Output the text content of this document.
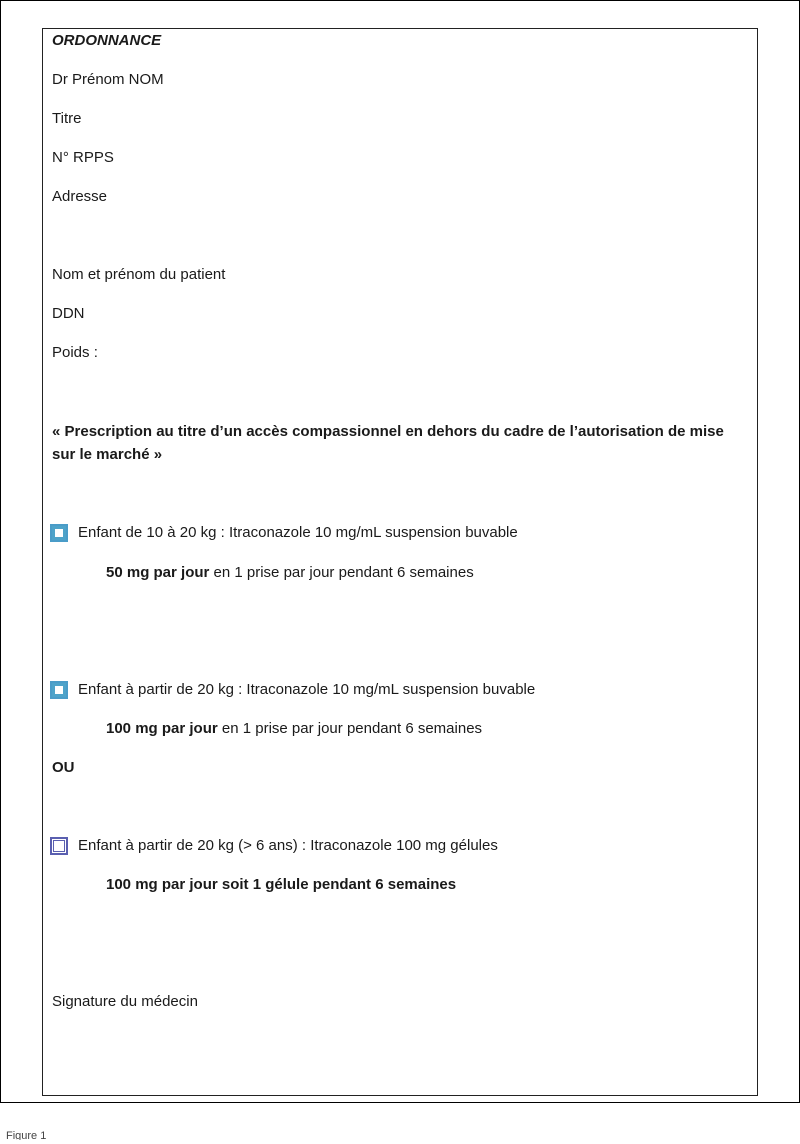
ORDONNANCE
Dr Prénom NOM
Titre
N° RPPS
Adresse
Nom et prénom du patient
DDN
Poids :
« Prescription au titre d’un accès compassionnel en dehors du cadre de l’autorisation de mise sur le marché »
Enfant de 10 à 20 kg : Itraconazole 10 mg/mL suspension buvable
50 mg par jour en 1 prise par jour pendant 6 semaines
Enfant à partir de 20 kg : Itraconazole 10 mg/mL suspension buvable
100 mg par jour en 1 prise par jour pendant 6 semaines
OU
Enfant à partir de 20 kg (> 6 ans) : Itraconazole 100 mg gélules
100 mg par jour soit 1 gélule pendant 6 semaines
Signature du médecin
Figure 1
